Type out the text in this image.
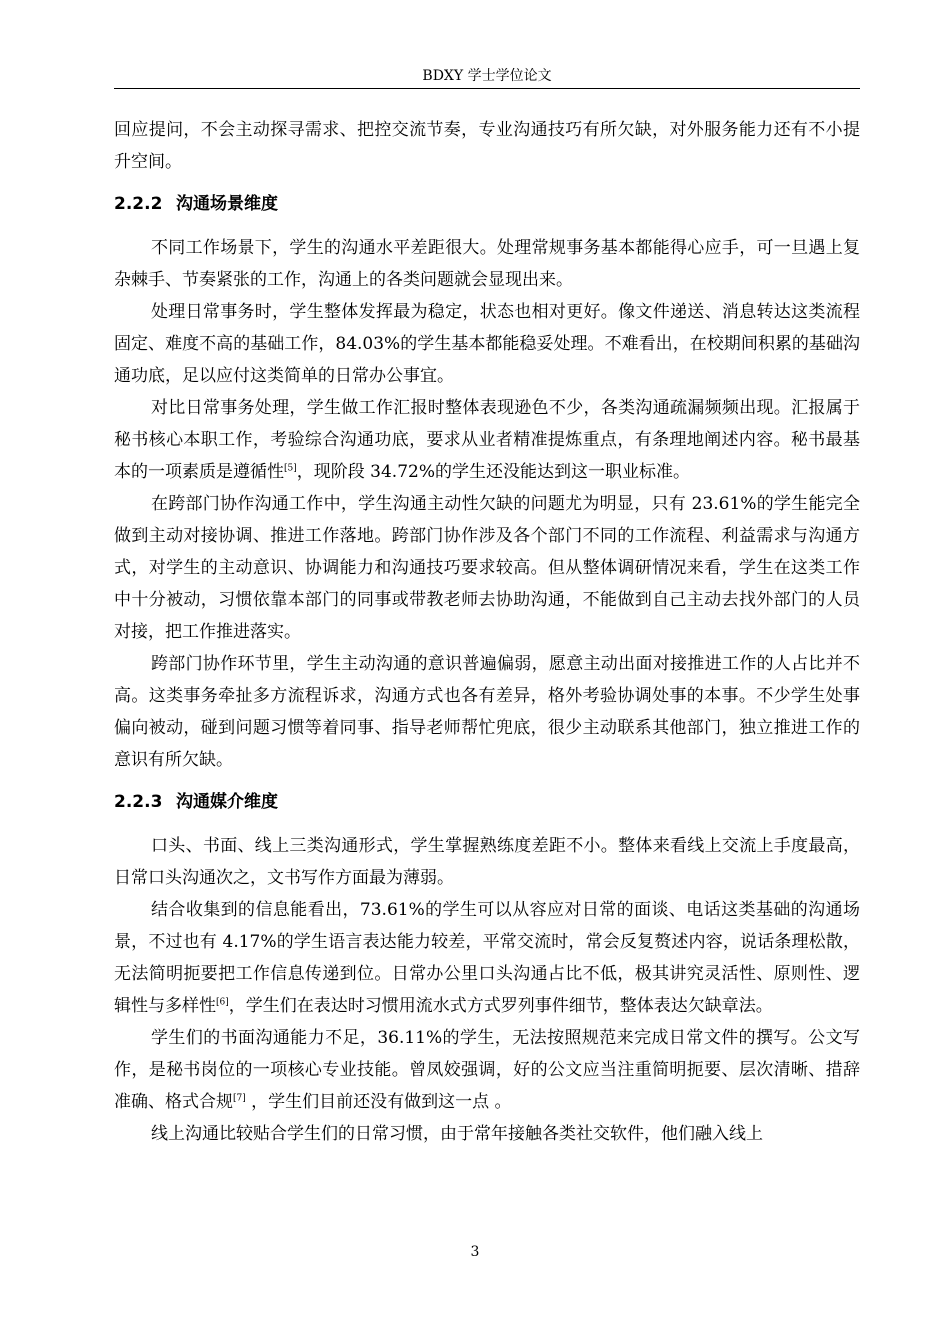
BDXY 学士学位论文

回应提问，不会主动探寻需求、把控交流节奏，专业沟通技巧有所欠缺，对外服务能力还有不小提升空间。

2.2.2 沟通场景维度

不同工作场景下，学生的沟通水平差距很大。处理常规事务基本都能得心应手，可一旦遇上复杂棘手、节奏紧张的工作，沟通上的各类问题就会显现出来。

处理日常事务时，学生整体发挥最为稳定，状态也相对更好。像文件递送、消息转达这类流程固定、难度不高的基础工作，84.03%的学生基本都能稳妥处理。不难看出，在校期间积累的基础沟通功底，足以应付这类简单的日常办公事宜。

对比日常事务处理，学生做工作汇报时整体表现逊色不少，各类沟通疏漏频频出现。汇报属于秘书核心本职工作，考验综合沟通功底，要求从业者精准提炼重点，有条理地阐述内容。秘书最基本的一项素质是遵循性[5]，现阶段 34.72%的学生还没能达到这一职业标准。

在跨部门协作沟通工作中，学生沟通主动性欠缺的问题尤为明显，只有 23.61%的学生能完全做到主动对接协调、推进工作落地。跨部门协作涉及各个部门不同的工作流程、利益需求与沟通方式，对学生的主动意识、协调能力和沟通技巧要求较高。但从整体调研情况来看，学生在这类工作中十分被动，习惯依靠本部门的同事或带教老师去协助沟通，不能做到自己主动去找外部门的人员对接，把工作推进落实。

跨部门协作环节里，学生主动沟通的意识普遍偏弱，愿意主动出面对接推进工作的人占比并不高。这类事务牵扯多方流程诉求，沟通方式也各有差异，格外考验协调处事的本事。不少学生处事偏向被动，碰到问题习惯等着同事、指导老师帮忙兜底，很少主动联系其他部门，独立推进工作的意识有所欠缺。

2.2.3 沟通媒介维度

口头、书面、线上三类沟通形式，学生掌握熟练度差距不小。整体来看线上交流上手度最高，日常口头沟通次之，文书写作方面最为薄弱。

结合收集到的信息能看出，73.61%的学生可以从容应对日常的面谈、电话这类基础的沟通场景，不过也有 4.17%的学生语言表达能力较差，平常交流时，常会反复赘述内容，说话条理松散，无法简明扼要把工作信息传递到位。日常办公里口头沟通占比不低，极其讲究灵活性、原则性、逻辑性与多样性[6]，学生们在表达时习惯用流水式方式罗列事件细节，整体表达欠缺章法。

学生们的书面沟通能力不足，36.11%的学生，无法按照规范来完成日常文件的撰写。公文写作，是秘书岗位的一项核心专业技能。曾凤姣强调，好的公文应当注重简明扼要、层次清晰、措辞准确、格式合规[7] ，学生们目前还没有做到这一点 。

线上沟通比较贴合学生们的日常习惯，由于常年接触各类社交软件，他们融入线上

3
